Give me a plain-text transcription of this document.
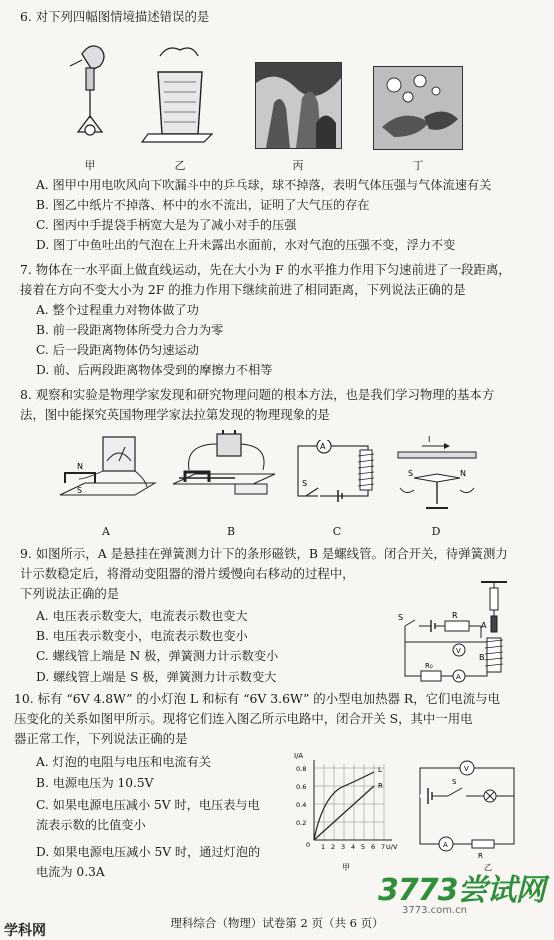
6. 对下列四幅图情境描述错误的是
甲	乙	丙	丁
A. 图甲中用电吹风向下吹漏斗中的乒乓球，球不掉落，表明气体压强与气体流速有关
B. 图乙中纸片不掉落、杯中的水不流出，证明了大气压的存在
C. 图丙中手提袋手柄宽大是为了减小对手的压强
D. 图丁中鱼吐出的气泡在上升未露出水面前，水对气泡的压强不变，浮力不变
7. 物体在一水平面上做直线运动，先在大小为 F 的水平推力作用下匀速前进了一段距离，
接着在方向不变大小为 2F 的推力作用下继续前进了相同距离，下列说法正确的是
A. 整个过程重力对物体做了功
B. 前一段距离物体所受力合力为零
C. 后一段距离物体仍匀速运动
D. 前、后两段距离物体受到的摩擦力不相等
8. 观察和实验是物理学家发现和研究物理问题的根本方法，也是我们学习物理的基本方
法，图中能探究英国物理学家法拉第发现的物理现象的是
N
S
A	B
A
S
C
I
S	N
D
9. 如图所示，A 是悬挂在弹簧测力计下的条形磁铁，B 是螺线管。闭合开关，待弹簧测力
计示数稳定后，将滑动变阻器的滑片缓慢向右移动的过程中，
下列说法正确的是
A. 电压表示数变大，电流表示数也变大
B. 电压表示数变小，电流表示数也变小
C. 螺线管上端是 N 极，弹簧测力计示数变小
D. 螺线管上端是 S 极，弹簧测力计示数变大
A
B
S	R
V
R₀
A
10. 标有 “6V 4.8W” 的小灯泡 L 和标有 “6V 3.6W” 的小型电加热器 R，它们电流与电
压变化的关系如图甲所示。现将它们连入图乙所示电路中，闭合开关 S，其中一用电
器正常工作，下列说法正确的是
A. 灯泡的电阻与电压和电流有关
B. 电源电压为 10.5V
C. 如果电源电压减小 5V 时，电压表与电
流表示数的比值变小
D. 如果电源电压减小 5V 时，通过灯泡的
电流为 0.3A
I/A
0.8
0.6
0.4
0.2
0 1 2 3 4 5 6 7 U/V
L
R
甲
V
S
A
R
乙
3773尝试网
3773.com.cn
理科综合（物理）试卷第 2 页（共 6 页）
学科网
